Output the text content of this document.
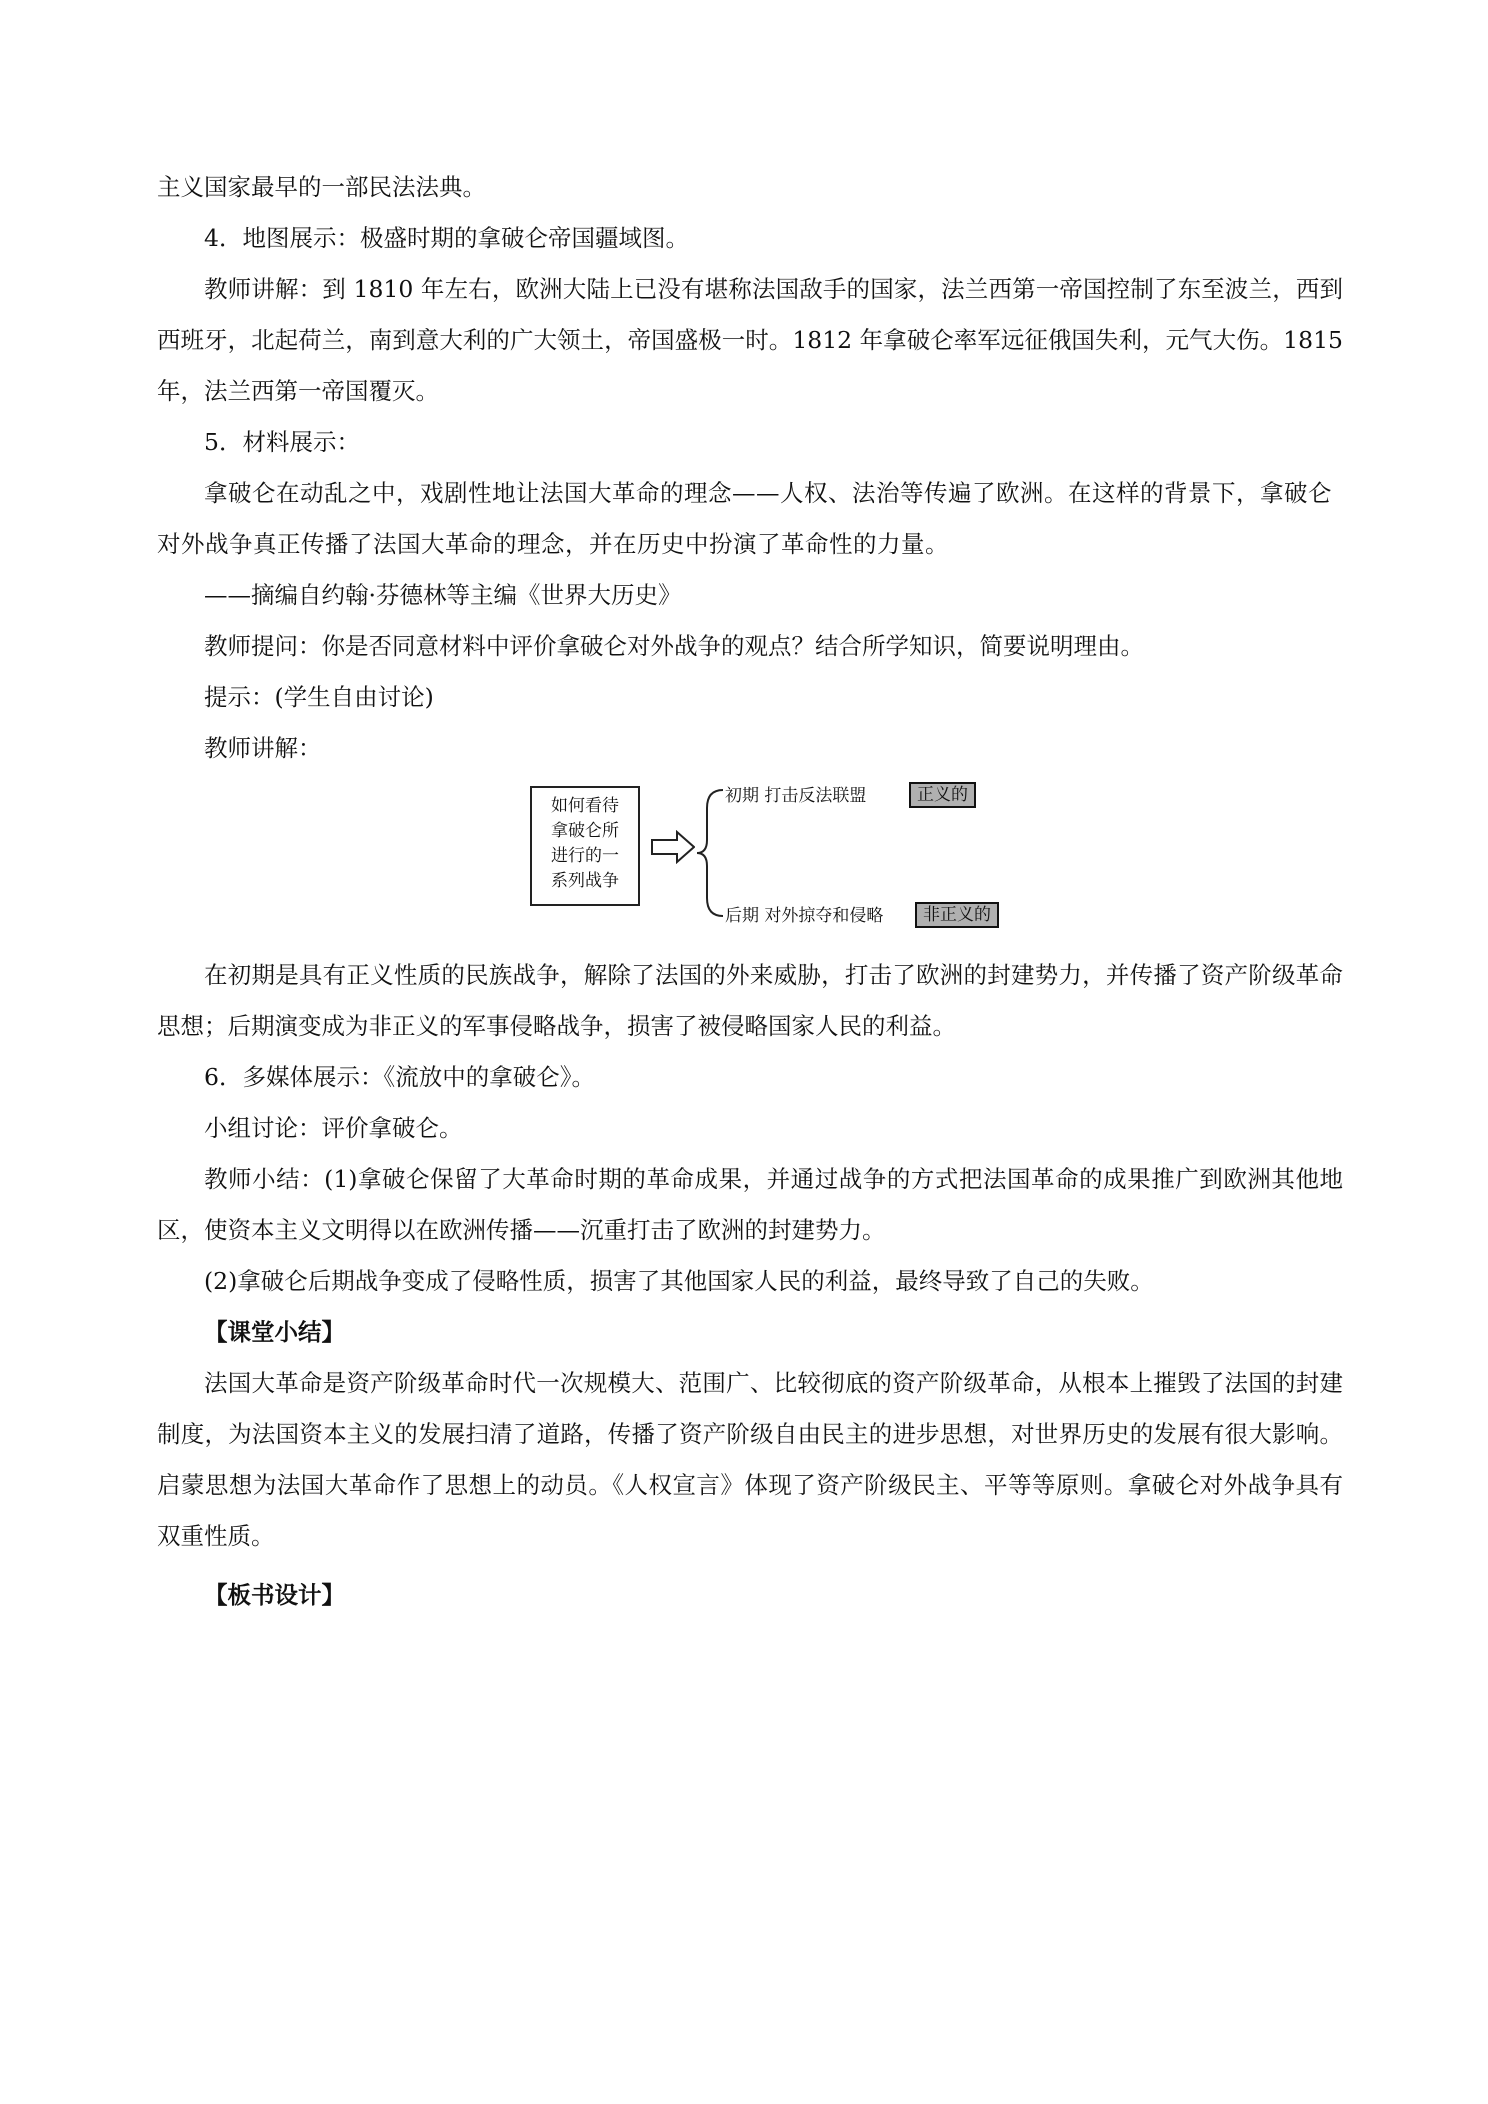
主义国家最早的一部民法法典。

4．地图展示：极盛时期的拿破仑帝国疆域图。

教师讲解：到 1810 年左右，欧洲大陆上已没有堪称法国敌手的国家，法兰西第一帝国控制了东至波兰，西到西班牙，北起荷兰，南到意大利的广大领土，帝国盛极一时。1812 年拿破仑率军远征俄国失利，元气大伤。1815 年，法兰西第一帝国覆灭。

5．材料展示：

拿破仑在动乱之中，戏剧性地让法国大革命的理念——人权、法治等传遍了欧洲。在这样的背景下，拿破仑对外战争真正传播了法国大革命的理念，并在历史中扮演了革命性的力量。

——摘编自约翰·芬德林等主编《世界大历史》

教师提问：你是否同意材料中评价拿破仑对外战争的观点？结合所学知识，简要说明理由。

提示：(学生自由讨论)

教师讲解：

如何看待
拿破仑所
进行的一
系列战争
初期 打击反法联盟	正义的
后期 对外掠夺和侵略	非正义的

在初期是具有正义性质的民族战争，解除了法国的外来威胁，打击了欧洲的封建势力，并传播了资产阶级革命思想；后期演变成为非正义的军事侵略战争，损害了被侵略国家人民的利益。

6．多媒体展示：《流放中的拿破仑》。

小组讨论：评价拿破仑。

教师小结：(1)拿破仑保留了大革命时期的革命成果，并通过战争的方式把法国革命的成果推广到欧洲其他地区，使资本主义文明得以在欧洲传播——沉重打击了欧洲的封建势力。

(2)拿破仑后期战争变成了侵略性质，损害了其他国家人民的利益，最终导致了自己的失败。

【课堂小结】

法国大革命是资产阶级革命时代一次规模大、范围广、比较彻底的资产阶级革命，从根本上摧毁了法国的封建制度，为法国资本主义的发展扫清了道路，传播了资产阶级自由民主的进步思想，对世界历史的发展有很大影响。启蒙思想为法国大革命作了思想上的动员。《人权宣言》体现了资产阶级民主、平等等原则。拿破仑对外战争具有双重性质。

【板书设计】
